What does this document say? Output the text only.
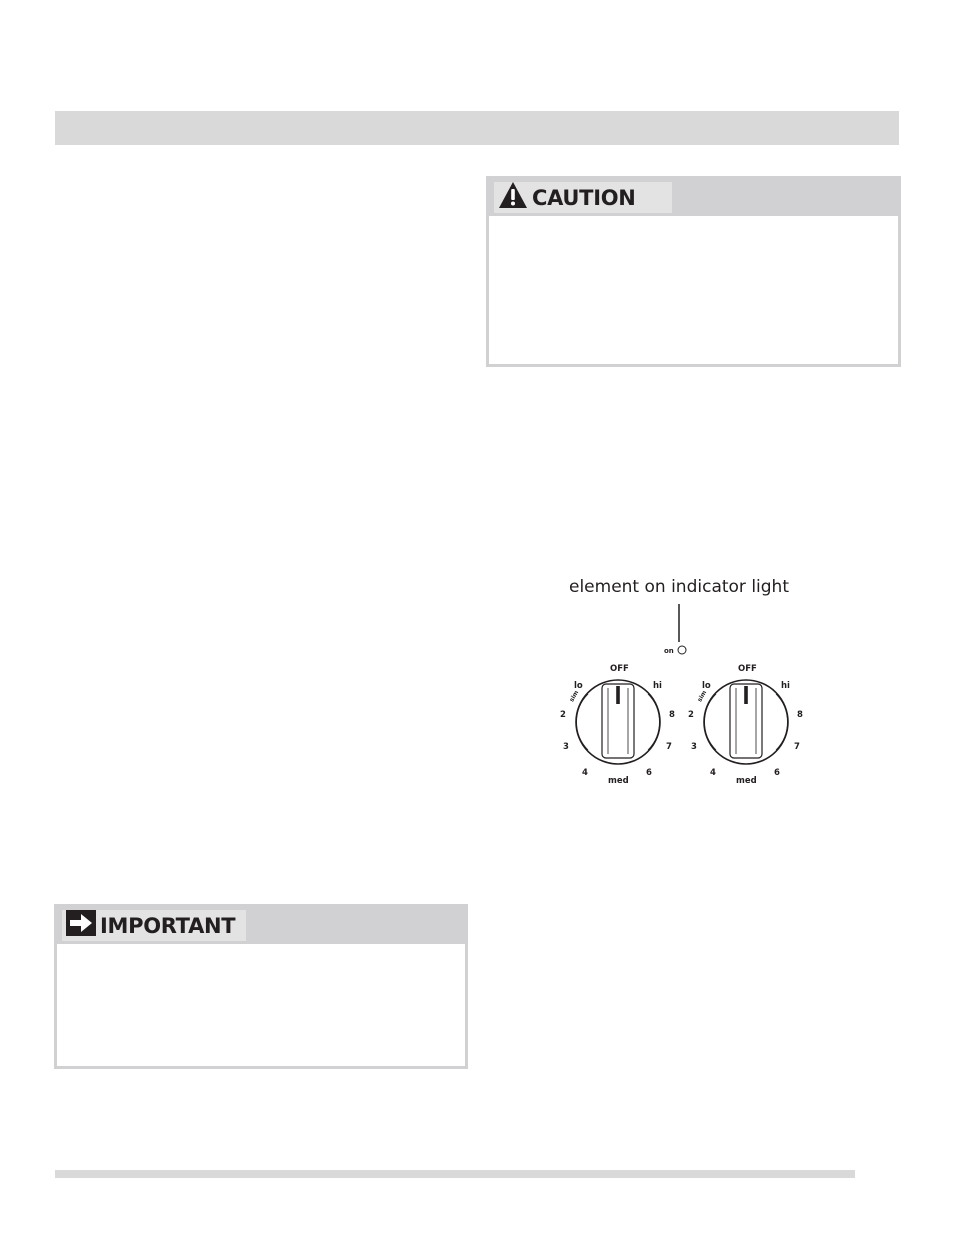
CAUTION
element on indicator light
on
OFF
lo
sim
hi
2
3
4
med
6
7
8
OFF
lo
sim
hi
2
3
4
med
6
7
8
IMPORTANT
